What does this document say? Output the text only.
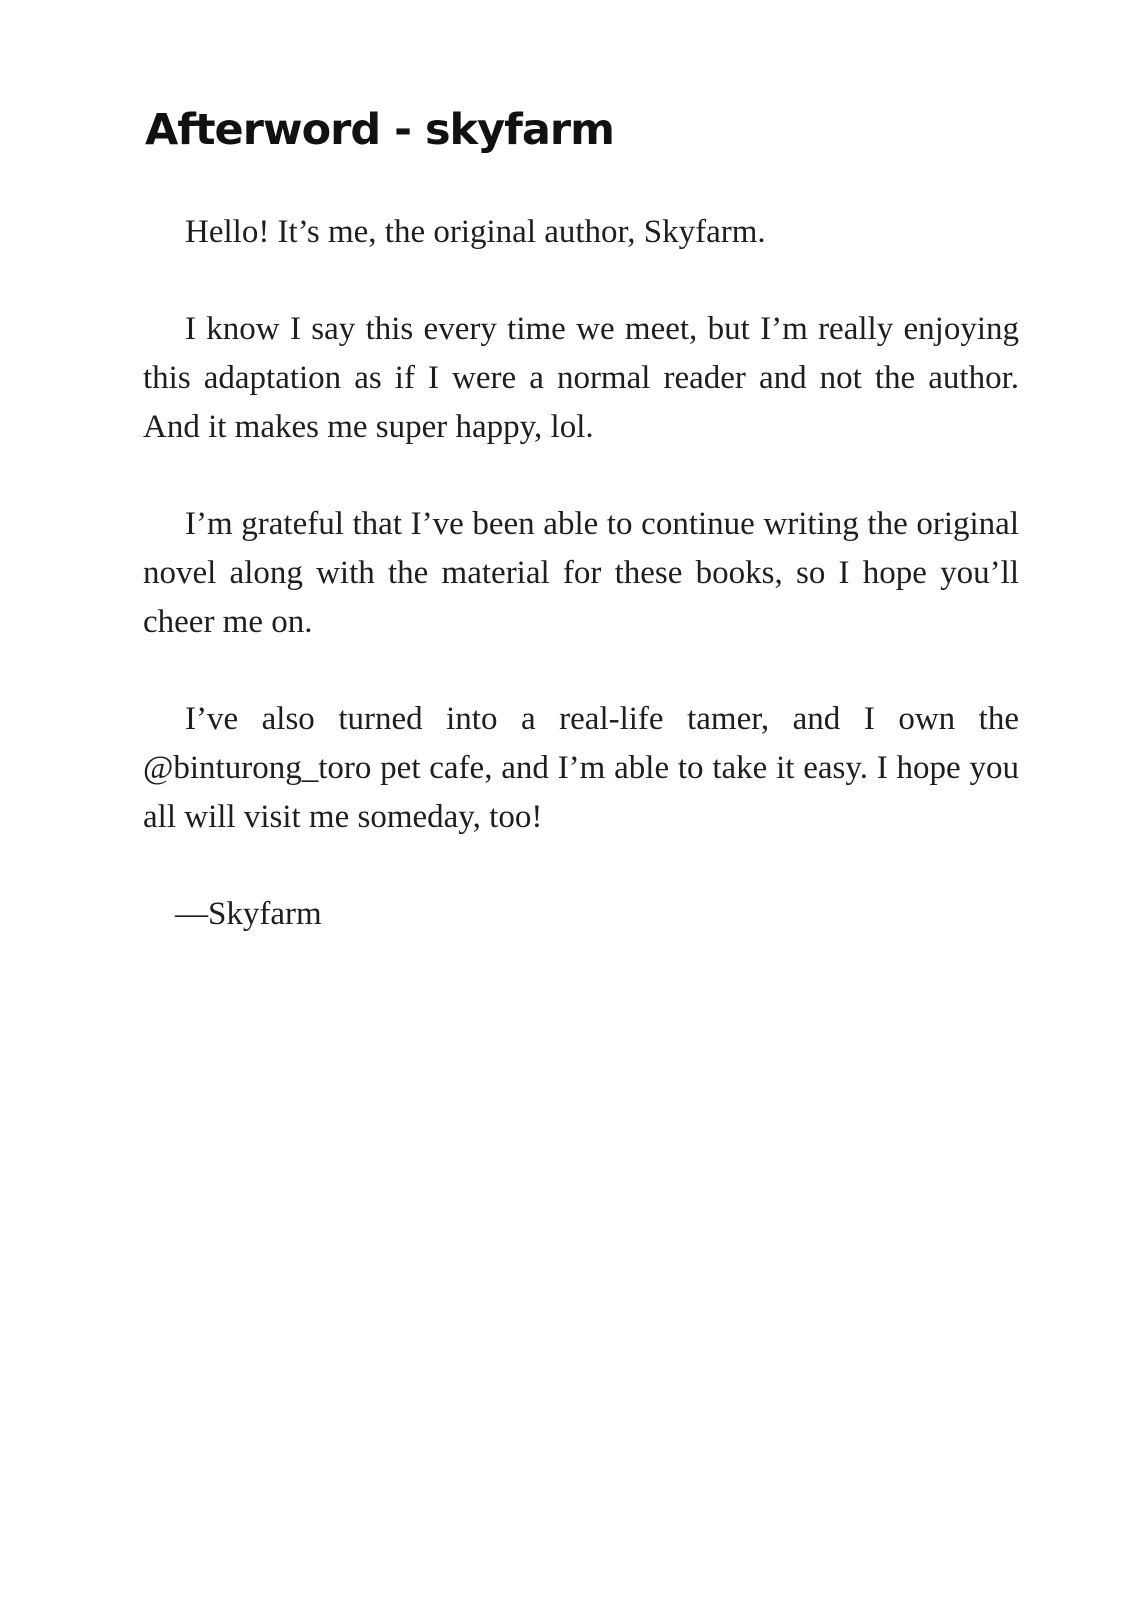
Afterword - skyfarm

Hello! It’s me, the original author, Skyfarm.

I know I say this every time we meet, but I’m really enjoying this adaptation as if I were a normal reader and not the author. And it makes me super happy, lol.

I’m grateful that I’ve been able to continue writing the original novel along with the material for these books, so I hope you’ll cheer me on.

I’ve also turned into a real-life tamer, and I own the @binturong_toro pet cafe, and I’m able to take it easy. I hope you all will visit me someday, too!

—Skyfarm
